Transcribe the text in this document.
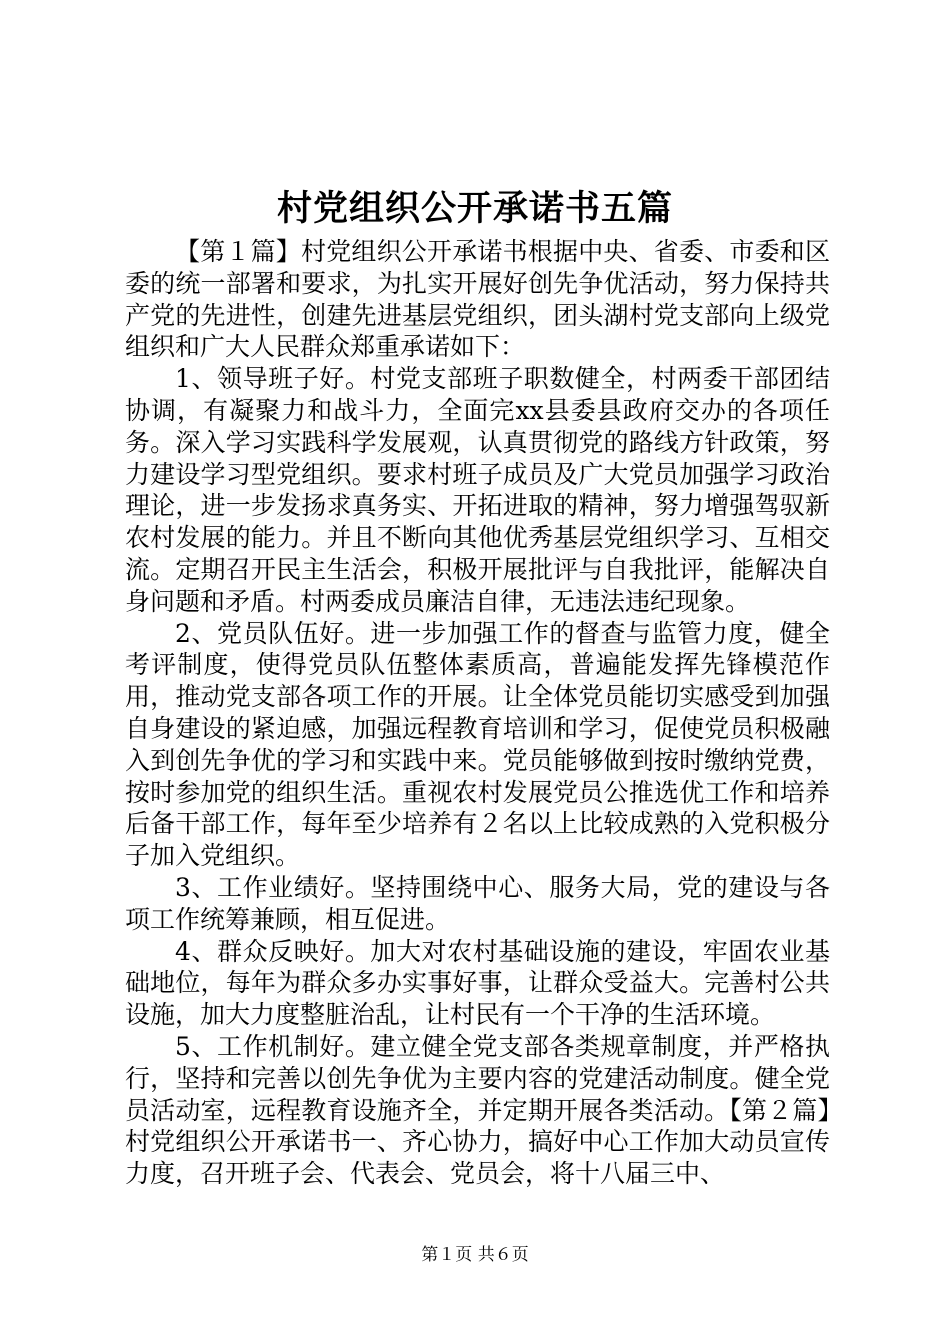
村党组织公开承诺书五篇

【第１篇】村党组织公开承诺书根据中央、省委、市委和区委的统一部署和要求，为扎实开展好创先争优活动，努力保持共产党的先进性，创建先进基层党组织，团头湖村党支部向上级党组织和广大人民群众郑重承诺如下：

1、领导班子好。村党支部班子职数健全，村两委干部团结协调，有凝聚力和战斗力，全面完xx县委县政府交办的各项任务。深入学习实践科学发展观，认真贯彻党的路线方针政策，努力建设学习型党组织。要求村班子成员及广大党员加强学习政治理论，进一步发扬求真务实、开拓进取的精神，努力增强驾驭新农村发展的能力。并且不断向其他优秀基层党组织学习、互相交流。定期召开民主生活会，积极开展批评与自我批评，能解决自身问题和矛盾。村两委成员廉洁自律，无违法违纪现象。

2、党员队伍好。进一步加强工作的督查与监管力度，健全考评制度，使得党员队伍整体素质高，普遍能发挥先锋模范作用，推动党支部各项工作的开展。让全体党员能切实感受到加强自身建设的紧迫感，加强远程教育培训和学习，促使党员积极融入到创先争优的学习和实践中来。党员能够做到按时缴纳党费，按时参加党的组织生活。重视农村发展党员公推选优工作和培养后备干部工作，每年至少培养有２名以上比较成熟的入党积极分子加入党组织。

3、工作业绩好。坚持围绕中心、服务大局，党的建设与各项工作统筹兼顾，相互促进。

4、群众反映好。加大对农村基础设施的建设，牢固农业基础地位，每年为群众多办实事好事，让群众受益大。完善村公共设施，加大力度整脏治乱，让村民有一个干净的生活环境。

5、工作机制好。建立健全党支部各类规章制度，并严格执行，坚持和完善以创先争优为主要内容的党建活动制度。健全党员活动室，远程教育设施齐全，并定期开展各类活动。【第２篇】村党组织公开承诺书一、齐心协力，搞好中心工作加大动员宣传力度，召开班子会、代表会、党员会，将十八届三中、

第１页 共６页
